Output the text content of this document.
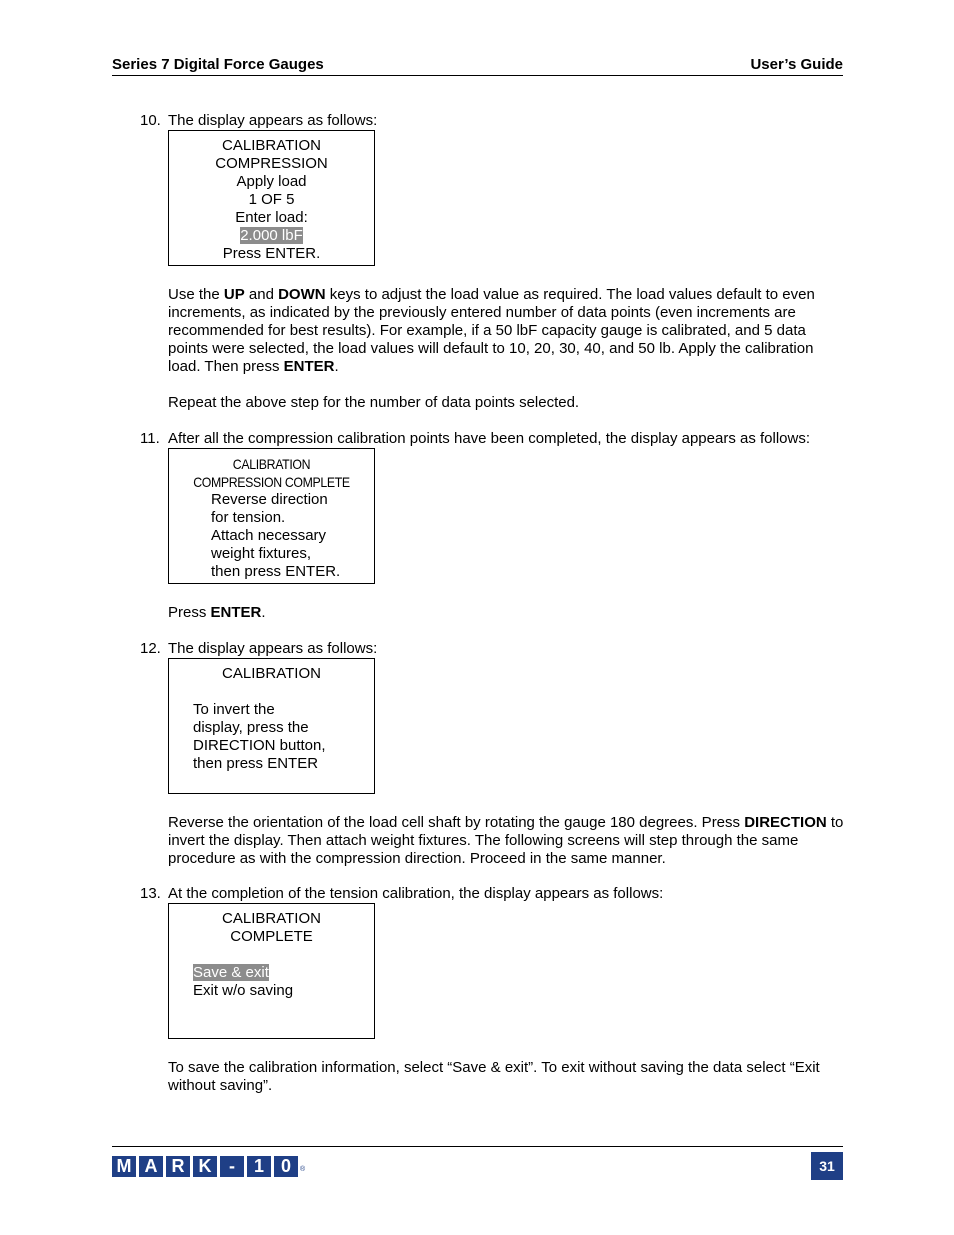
Series 7 Digital Force Gauges	User’s Guide
10. The display appears as follows:
CALIBRATION
COMPRESSION
Apply load
1 OF 5
Enter load:
2.000 lbF
Press ENTER.
Use the UP and DOWN keys to adjust the load value as required. The load values default to even increments, as indicated by the previously entered number of data points (even increments are recommended for best results). For example, if a 50 lbF capacity gauge is calibrated, and 5 data points were selected, the load values will default to 10, 20, 30, 40, and 50 lb. Apply the calibration load. Then press ENTER.
Repeat the above step for the number of data points selected.
11. After all the compression calibration points have been completed, the display appears as follows:
CALIBRATION
COMPRESSION COMPLETE
Reverse direction
for tension.
Attach necessary
weight fixtures,
then press ENTER.
Press ENTER.
12. The display appears as follows:
CALIBRATION
To invert the
display, press the
DIRECTION button,
then press ENTER
Reverse the orientation of the load cell shaft by rotating the gauge 180 degrees. Press DIRECTION to invert the display. Then attach weight fixtures. The following screens will step through the same procedure as with the compression direction. Proceed in the same manner.
13. At the completion of the tension calibration, the display appears as follows:
CALIBRATION
COMPLETE
Save & exit
Exit w/o saving
To save the calibration information, select “Save & exit”. To exit without saving the data select “Exit without saving”.
M A R K -	1 0	®	31
